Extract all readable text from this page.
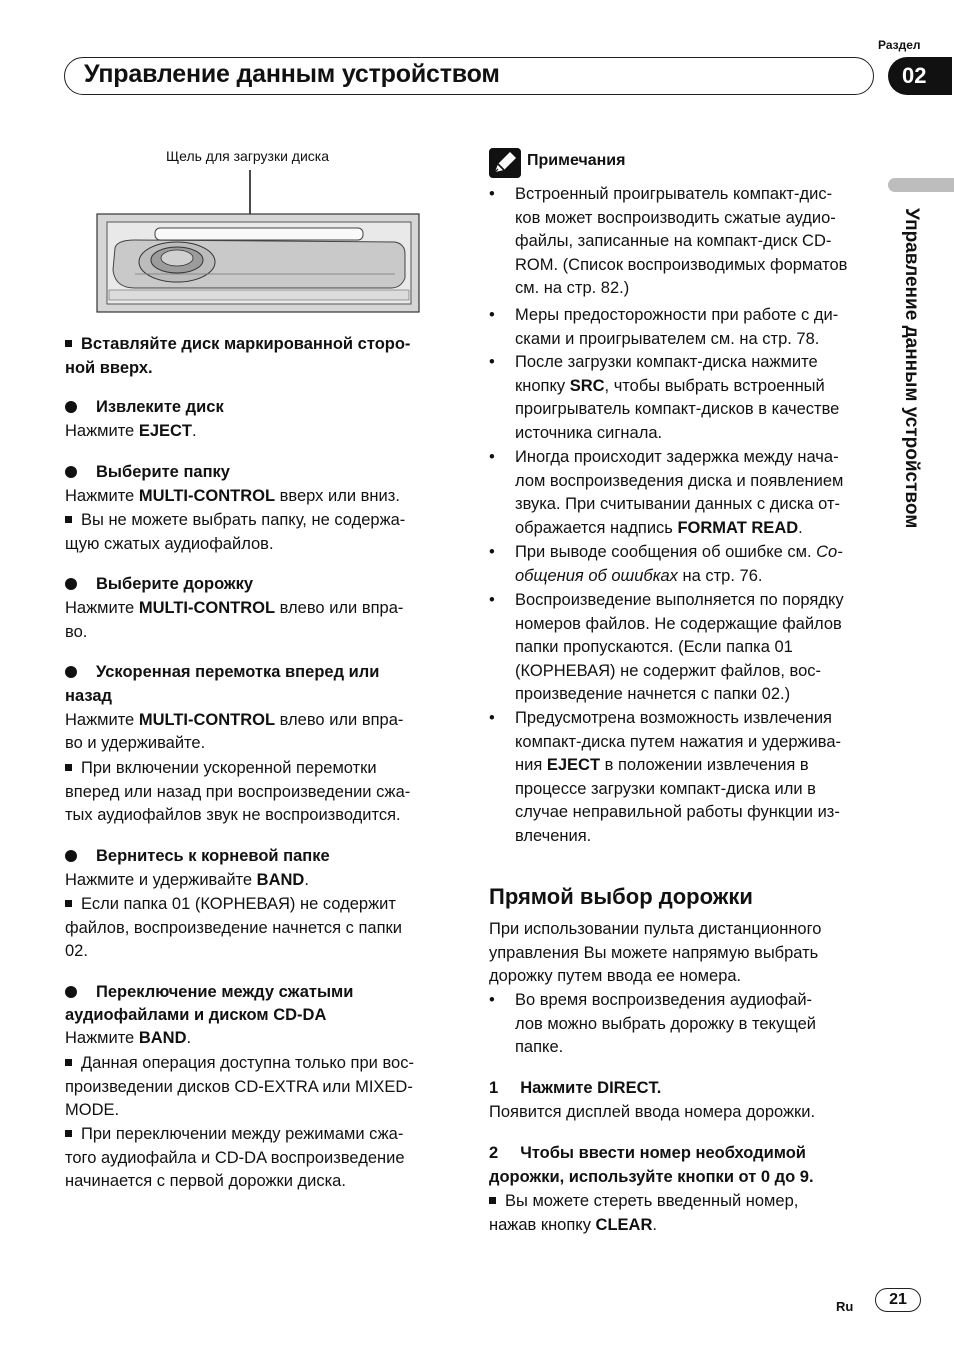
Раздел
Управление данным устройством	02
Управление данным устройством
Щель для загрузки диска
Вставляйте диск маркированной сторо-
ной вверх.
Извлеките диск
Нажмите EJECT.
Выберите папку
Нажмите MULTI-CONTROL вверх или вниз.
Вы не можете выбрать папку, не содержа-
щую сжатых аудиофайлов.
Выберите дорожку
Нажмите MULTI-CONTROL влево или впра-
во.
Ускоренная перемотка вперед или
назад
Нажмите MULTI-CONTROL влево или впра-
во и удерживайте.
При включении ускоренной перемотки
вперед или назад при воспроизведении сжа-
тых аудиофайлов звук не воспроизводится.
Вернитесь к корневой папке
Нажмите и удерживайте BAND.
Если папка 01 (КОРНЕВАЯ) не содержит
файлов, воспроизведение начнется с папки
02.
Переключение между сжатыми
аудиофайлами и диском CD-DA
Нажмите BAND.
Данная операция доступна только при вос-
произведении дисков CD-EXTRA или MIXED-
MODE.
При переключении между режимами сжа-
того аудиофайла и CD-DA воспроизведение
начинается с первой дорожки диска.
Примечания
• Встроенный проигрыватель компакт-дис-
ков может воспроизводить сжатые аудио-
файлы, записанные на компакт-диск CD-
ROM. (Список воспроизводимых форматов
см. на стр. 82.)
• Меры предосторожности при работе с ди-
сками и проигрывателем см. на стр. 78.
• После загрузки компакт-диска нажмите
кнопку SRC, чтобы выбрать встроенный
проигрыватель компакт-дисков в качестве
источника сигнала.
• Иногда происходит задержка между нача-
лом воспроизведения диска и появлением
звука. При считывании данных с диска от-
ображается надпись FORMAT READ.
• При выводе сообщения об ошибке см. Со-
общения об ошибках на стр. 76.
• Воспроизведение выполняется по порядку
номеров файлов. Не содержащие файлов
папки пропускаются. (Если папка 01
(КОРНЕВАЯ) не содержит файлов, вос-
произведение начнется с папки 02.)
• Предусмотрена возможность извлечения
компакт-диска путем нажатия и удержива-
ния EJECT в положении извлечения в
процессе загрузки компакт-диска или в
случае неправильной работы функции из-
влечения.
Прямой выбор дорожки
При использовании пульта дистанционного
управления Вы можете напрямую выбрать
дорожку путем ввода ее номера.
• Во время воспроизведения аудиофай-
лов можно выбрать дорожку в текущей
папке.
1 Нажмите DIRECT.
Появится дисплей ввода номера дорожки.
2 Чтобы ввести номер необходимой
дорожки, используйте кнопки от 0 до 9.
Вы можете стереть введенный номер,
нажав кнопку CLEAR.
Ru 21
